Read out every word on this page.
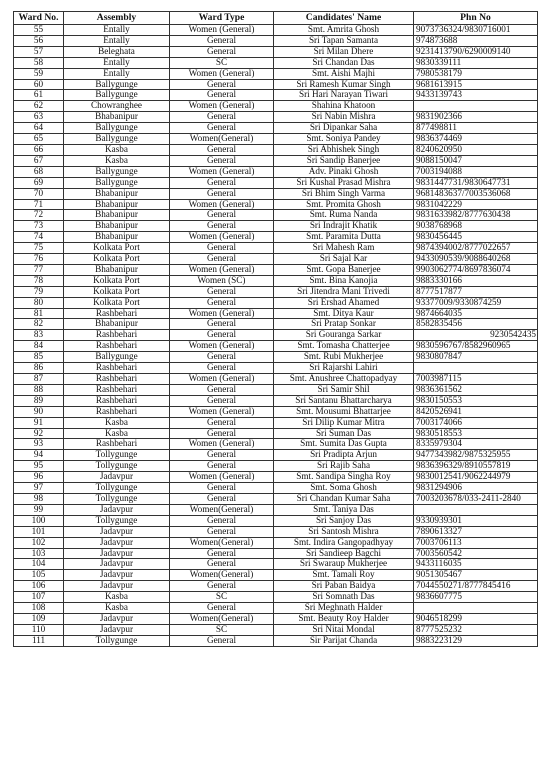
Ward No.	Assembly	Ward Type	Candidates' Name	Phn No
55	Entally	Women (General)	Smt. Amrita Ghosh	9073736324/9830716001
56	Entally	General	Sri Tapan Samanta	974873688
57	Beleghata	General	Sri Milan Dhere	9231413790/6290009140
58	Entally	SC	Sri Chandan Das	9830339111
59	Entally	Women (General)	Smt. Aishi Majhi	7980538179
60	Ballygunge	General	Sri Ramesh Kumar Singh	9681613915
61	Ballygunge	General	Sri Hari Narayan Tiwari	9433139743
62	Chowranghee	Women (General)	Shahina Khatoon	
63	Bhabanipur	General	Sri Nabin Mishra	9831902366
64	Ballygunge	General	Sri Dipankar Saha	877498811
65	Ballygunge	Women(General)	Smt. Soniya Pandey	9836374469
66	Kasba	General	Sri Abhishek Singh	8240620950
67	Kasba	General	Sri Sandip Banerjee	9088150047
68	Ballygunge	Women (General)	Adv. Pinaki Ghosh	7003194088
69	Ballygunge	General	Sri Kushal Prasad Mishra	9831447731/9830647731
70	Bhabanipur	General	Sri Bhim Singh Varma	9681483637/7003536068
71	Bhabanipur	Women (General)	Smt. Promita Ghosh	9831042229
72	Bhabanipur	General	Smt. Ruma Nanda	9831633982/8777630438
73	Bhabanipur	General	Sri Indrajit Khatik	9038768968
74	Bhabanipur	Women (General)	Smt. Paramita Dutta	9830456445
75	Kolkata Port	General	Sri Mahesh Ram	9874394002/8777022657
76	Kolkata Port	General	Sri Sajal Kar	9433090539/9088640268
77	Bhabanipur	Women (General)	Smt. Gopa Banerjee	9903062774/8697836074
78	Kolkata Port	Women (SC)	Smt. Bina Kanojia	9883330166
79	Kolkata Port	General	Sri Jitendra Mani Trivedi	8777517877
80	Kolkata Port	General	Sri Ershad Ahamed	93377009/9330874259
81	Rashbehari	Women (General)	Smt. Ditya Kaur	9874664035
82	Bhabanipur	General	Sri Pratap Sonkar	8582835456
83	Rashbehari	General	Sri Gouranga Sarkar	9230542435
84	Rashbehari	Women (General)	Smt. Tomasha Chatterjee	9830596767/8582960965
85	Ballygunge	General	Smt. Rubi Mukherjee	9830807847
86	Rashbehari	General	Sri Rajarshi Lahiri	
87	Rashbehari	Women (General)	Smt. Anushree Chattopadyay	7003987115
88	Rashbehari	General	Sri Samir Shil	9836361562
89	Rashbehari	General	Sri Santanu Bhattarcharya	9830150553
90	Rashbehari	Women (General)	Smt. Mousumi Bhattarjee	8420526941
91	Kasba	General	Sri Dilip Kumar Mitra	7003174066
92	Kasba	General	Sri Suman Das	9830518553
93	Rashbehari	Women (General)	Smt. Sumita Das Gupta	8335979304
94	Tollygunge	General	Sri Pradipta Arjun	9477343982/9875325955
95	Tollygunge	General	Sri Rajib Saha	9836396329/8910557819
96	Jadavpur	Women (General)	Smt. Sandipa Singha Roy	9830012541/9062244979
97	Tollygunge	General	Smt. Soma Ghosh	9831294906
98	Tollygunge	General	Sri Chandan Kumar Saha	7003203678/033-2411-2840
99	Jadavpur	Women(General)	Smt. Taniya Das	
100	Tollygunge	General	Sri Sanjoy Das	9330939301
101	Jadavpur	General	Sri Santosh Mishra	7890613327
102	Jadavpur	Women(General)	Smt. Indira Gangopadhyay	7003706113
103	Jadavpur	General	Sri Sandieep Bagchi	7003560542
104	Jadavpur	General	Sri Swaraup Mukherjee	9433116035
105	Jadavpur	Women(General)	Smt. Tamali Roy	9051305467
106	Jadavpur	General	Sri Paban Baidya	7044550271/8777845416
107	Kasba	SC	Sri Somnath Das	9836607775
108	Kasba	General	Sri Meghnath Halder	
109	Jadavpur	Women(General)	Smt. Beauty Roy Halder	9046518299
110	Jadavpur	SC	Sri Nitai Mondal	8777525232
111	Tollygunge	General	Sir Parijat Chanda	9883223129
